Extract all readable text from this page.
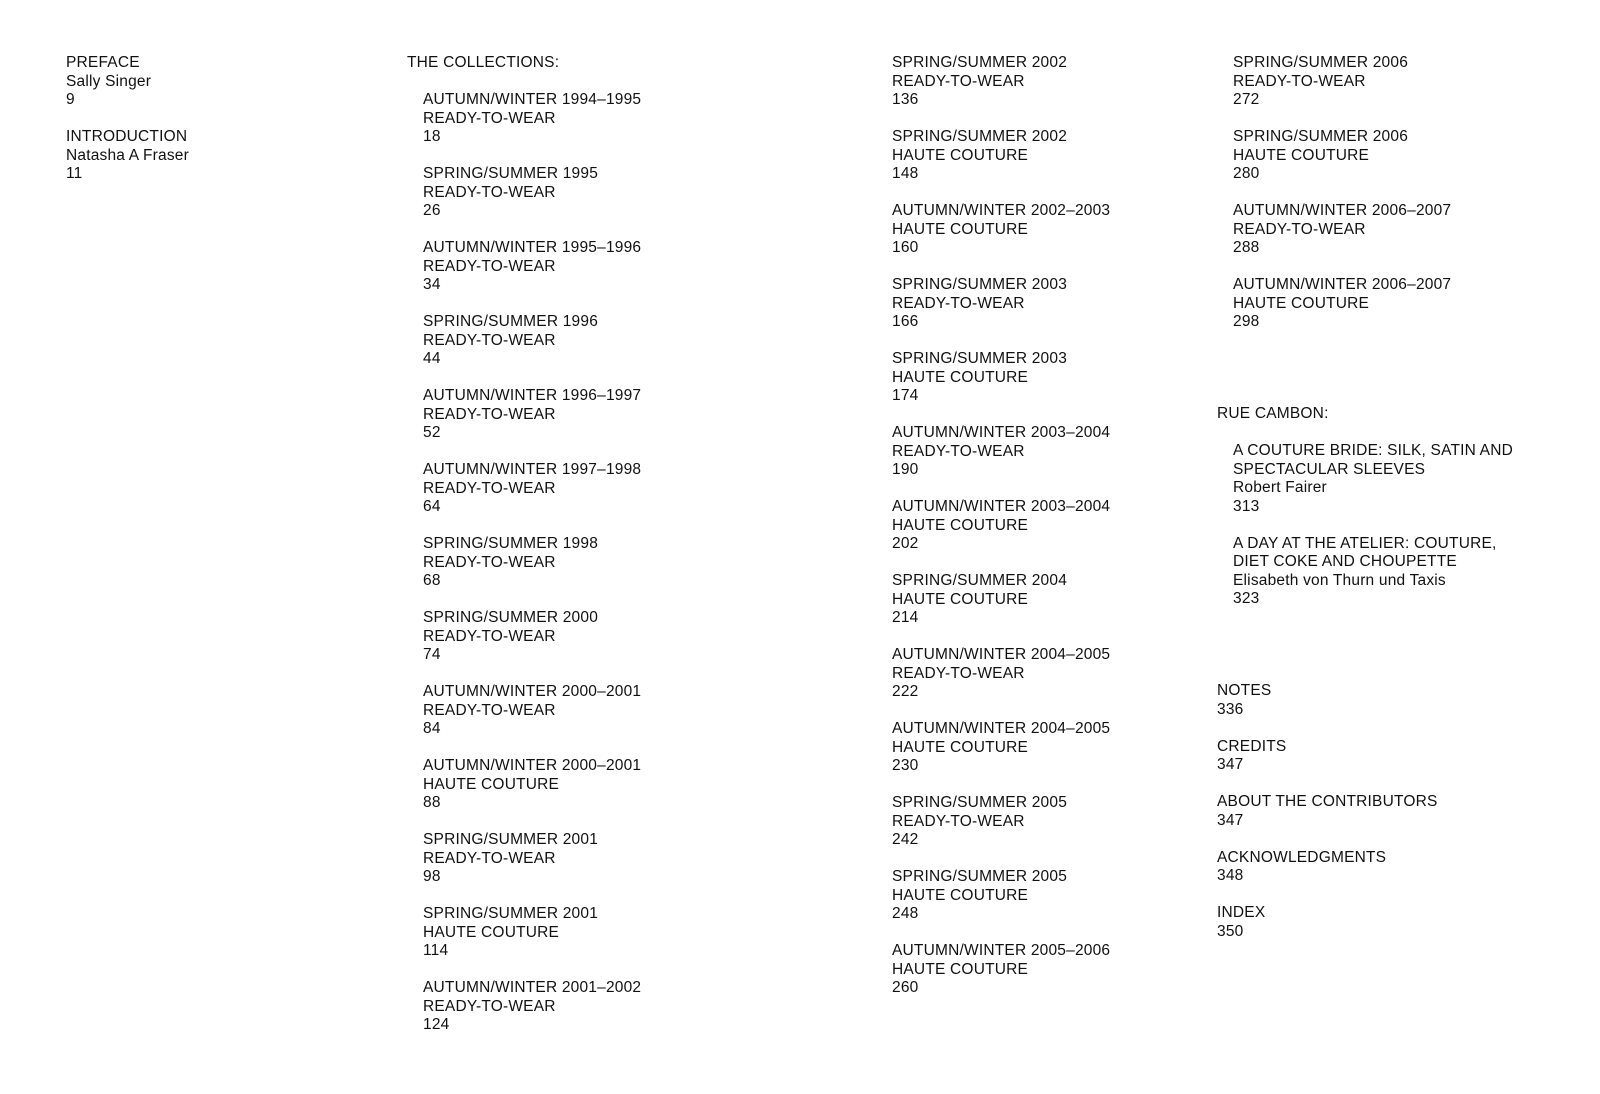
PREFACE
Sally Singer
9
INTRODUCTION
Natasha A Fraser
11
THE COLLECTIONS:
AUTUMN/WINTER 1994–1995
READY-TO-WEAR
18
SPRING/SUMMER 1995
READY-TO-WEAR
26
AUTUMN/WINTER 1995–1996
READY-TO-WEAR
34
SPRING/SUMMER 1996
READY-TO-WEAR
44
AUTUMN/WINTER 1996–1997
READY-TO-WEAR
52
AUTUMN/WINTER 1997–1998
READY-TO-WEAR
64
SPRING/SUMMER 1998
READY-TO-WEAR
68
SPRING/SUMMER 2000
READY-TO-WEAR
74
AUTUMN/WINTER 2000–2001
READY-TO-WEAR
84
AUTUMN/WINTER 2000–2001
HAUTE COUTURE
88
SPRING/SUMMER 2001
READY-TO-WEAR
98
SPRING/SUMMER 2001
HAUTE COUTURE
114
AUTUMN/WINTER 2001–2002
READY-TO-WEAR
124
SPRING/SUMMER 2002
READY-TO-WEAR
136
SPRING/SUMMER 2002
HAUTE COUTURE
148
AUTUMN/WINTER 2002–2003
HAUTE COUTURE
160
SPRING/SUMMER 2003
READY-TO-WEAR
166
SPRING/SUMMER 2003
HAUTE COUTURE
174
AUTUMN/WINTER 2003–2004
READY-TO-WEAR
190
AUTUMN/WINTER 2003–2004
HAUTE COUTURE
202
SPRING/SUMMER 2004
HAUTE COUTURE
214
AUTUMN/WINTER 2004–2005
READY-TO-WEAR
222
AUTUMN/WINTER 2004–2005
HAUTE COUTURE
230
SPRING/SUMMER 2005
READY-TO-WEAR
242
SPRING/SUMMER 2005
HAUTE COUTURE
248
AUTUMN/WINTER 2005–2006
HAUTE COUTURE
260
SPRING/SUMMER 2006
READY-TO-WEAR
272
SPRING/SUMMER 2006
HAUTE COUTURE
280
AUTUMN/WINTER 2006–2007
READY-TO-WEAR
288
AUTUMN/WINTER 2006–2007
HAUTE COUTURE
298
RUE CAMBON:
A COUTURE BRIDE: SILK, SATIN AND
SPECTACULAR SLEEVES
Robert Fairer
313
A DAY AT THE ATELIER: COUTURE,
DIET COKE AND CHOUPETTE
Elisabeth von Thurn und Taxis
323
NOTES
336
CREDITS
347
ABOUT THE CONTRIBUTORS
347
ACKNOWLEDGMENTS
348
INDEX
350
